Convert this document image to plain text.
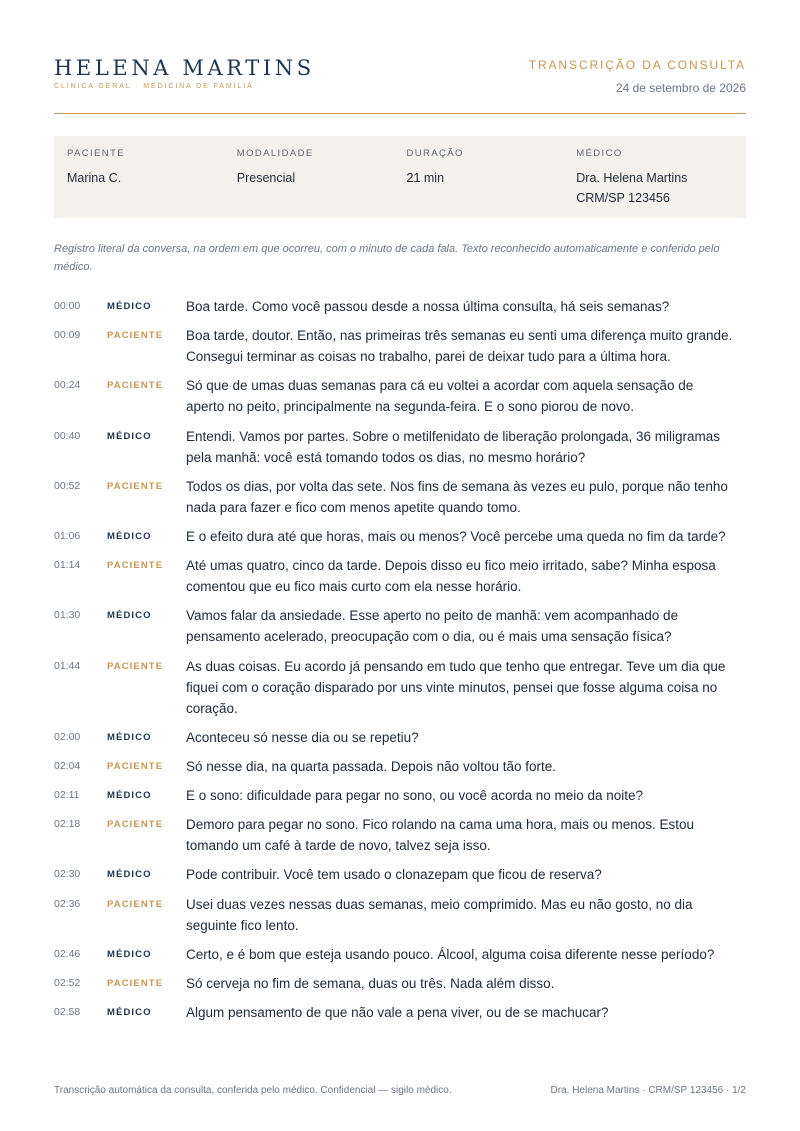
HELENA MARTINS
CLÍNICA GERAL · MEDICINA DE FAMÍLIA
TRANSCRIÇÃO DA CONSULTA
24 de setembro de 2026
PACIENTE
Marina C.
MODALIDADE
Presencial
DURAÇÃO
21 min
MÉDICO
Dra. Helena Martins
CRM/SP 123456
Registro literal da conversa, na ordem em que ocorreu, com o minuto de cada fala. Texto reconhecido automaticamente e conferido pelo médico.
00:00	MÉDICO	Boa tarde. Como você passou desde a nossa última consulta, há seis semanas?
00:09	PACIENTE	Boa tarde, doutor. Então, nas primeiras três semanas eu senti uma diferença muito grande. Consegui terminar as coisas no trabalho, parei de deixar tudo para a última hora.
00:24	PACIENTE	Só que de umas duas semanas para cá eu voltei a acordar com aquela sensação de aperto no peito, principalmente na segunda-feira. E o sono piorou de novo.
00:40	MÉDICO	Entendi. Vamos por partes. Sobre o metilfenidato de liberação prolongada, 36 miligramas pela manhã: você está tomando todos os dias, no mesmo horário?
00:52	PACIENTE	Todos os dias, por volta das sete. Nos fins de semana às vezes eu pulo, porque não tenho nada para fazer e fico com menos apetite quando tomo.
01:06	MÉDICO	E o efeito dura até que horas, mais ou menos? Você percebe uma queda no fim da tarde?
01:14	PACIENTE	Até umas quatro, cinco da tarde. Depois disso eu fico meio irritado, sabe? Minha esposa comentou que eu fico mais curto com ela nesse horário.
01:30	MÉDICO	Vamos falar da ansiedade. Esse aperto no peito de manhã: vem acompanhado de pensamento acelerado, preocupação com o dia, ou é mais uma sensação física?
01:44	PACIENTE	As duas coisas. Eu acordo já pensando em tudo que tenho que entregar. Teve um dia que fiquei com o coração disparado por uns vinte minutos, pensei que fosse alguma coisa no coração.
02:00	MÉDICO	Aconteceu só nesse dia ou se repetiu?
02:04	PACIENTE	Só nesse dia, na quarta passada. Depois não voltou tão forte.
02:11	MÉDICO	E o sono: dificuldade para pegar no sono, ou você acorda no meio da noite?
02:18	PACIENTE	Demoro para pegar no sono. Fico rolando na cama uma hora, mais ou menos. Estou tomando um café à tarde de novo, talvez seja isso.
02:30	MÉDICO	Pode contribuir. Você tem usado o clonazepam que ficou de reserva?
02:36	PACIENTE	Usei duas vezes nessas duas semanas, meio comprimido. Mas eu não gosto, no dia seguinte fico lento.
02:46	MÉDICO	Certo, e é bom que esteja usando pouco. Álcool, alguma coisa diferente nesse período?
02:52	PACIENTE	Só cerveja no fim de semana, duas ou três. Nada além disso.
02:58	MÉDICO	Algum pensamento de que não vale a pena viver, ou de se machucar?
Transcrição automática da consulta, conferida pelo médico. Confidencial — sigilo médico.	Dra. Helena Martins · CRM/SP 123456 · 1/2
